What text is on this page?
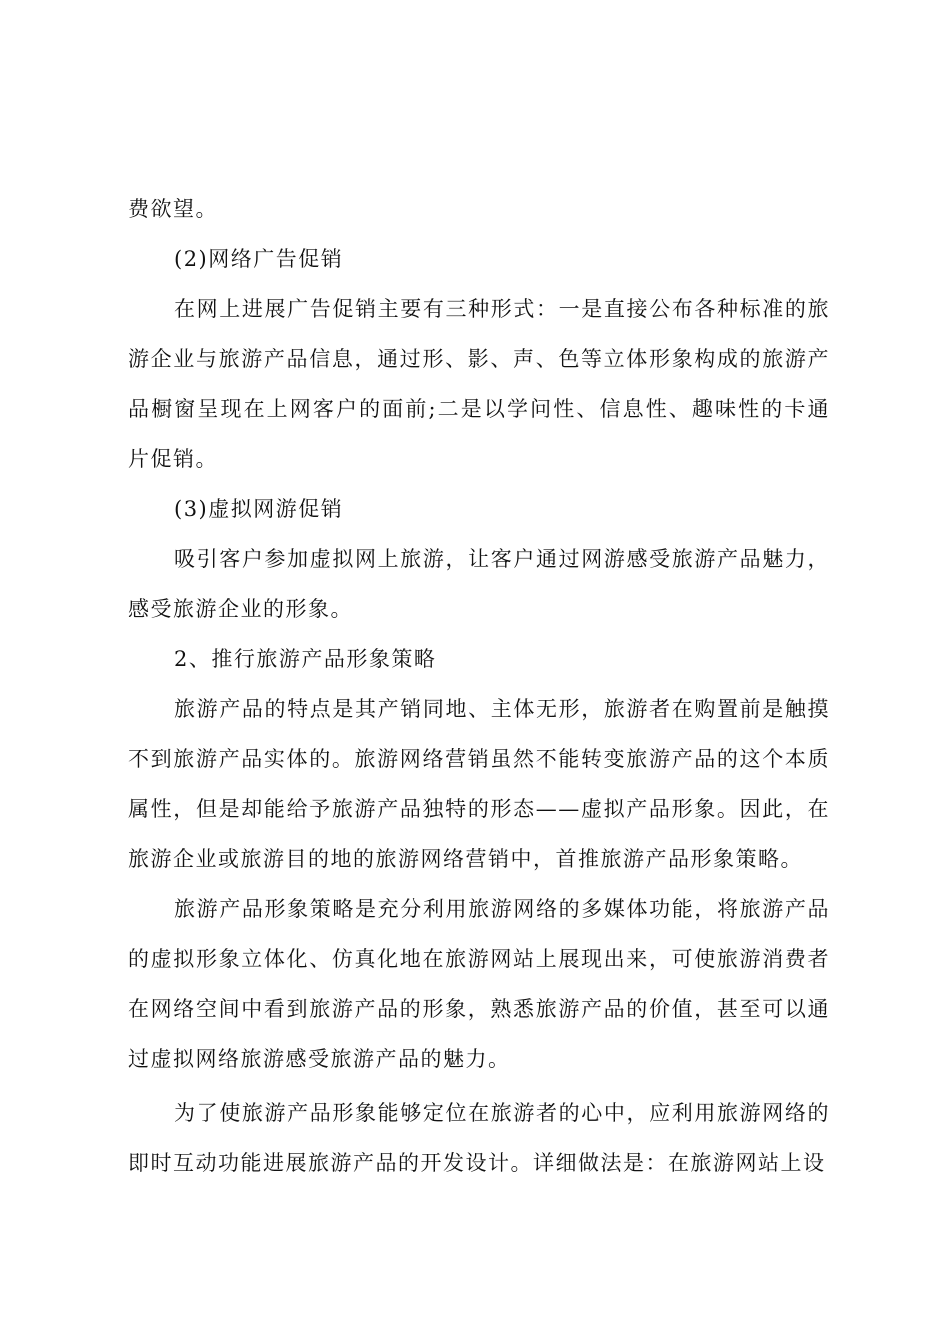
费欲望。

(2)网络广告促销

在网上进展广告促销主要有三种形式：一是直接公布各种标准的旅游企业与旅游产品信息，通过形、影、声、色等立体形象构成的旅游产品橱窗呈现在上网客户的面前;二是以学问性、信息性、趣味性的卡通片促销。

(3)虚拟网游促销

吸引客户参加虚拟网上旅游，让客户通过网游感受旅游产品魅力，感受旅游企业的形象。

2、推行旅游产品形象策略

旅游产品的特点是其产销同地、主体无形，旅游者在购置前是触摸不到旅游产品实体的。旅游网络营销虽然不能转变旅游产品的这个本质属性，但是却能给予旅游产品独特的形态——虚拟产品形象。因此，在旅游企业或旅游目的地的旅游网络营销中，首推旅游产品形象策略。

旅游产品形象策略是充分利用旅游网络的多媒体功能，将旅游产品的虚拟形象立体化、仿真化地在旅游网站上展现出来，可使旅游消费者在网络空间中看到旅游产品的形象，熟悉旅游产品的价值，甚至可以通过虚拟网络旅游感受旅游产品的魅力。

为了使旅游产品形象能够定位在旅游者的心中，应利用旅游网络的即时互动功能进展旅游产品的开发设计。详细做法是：在旅游网站上设
